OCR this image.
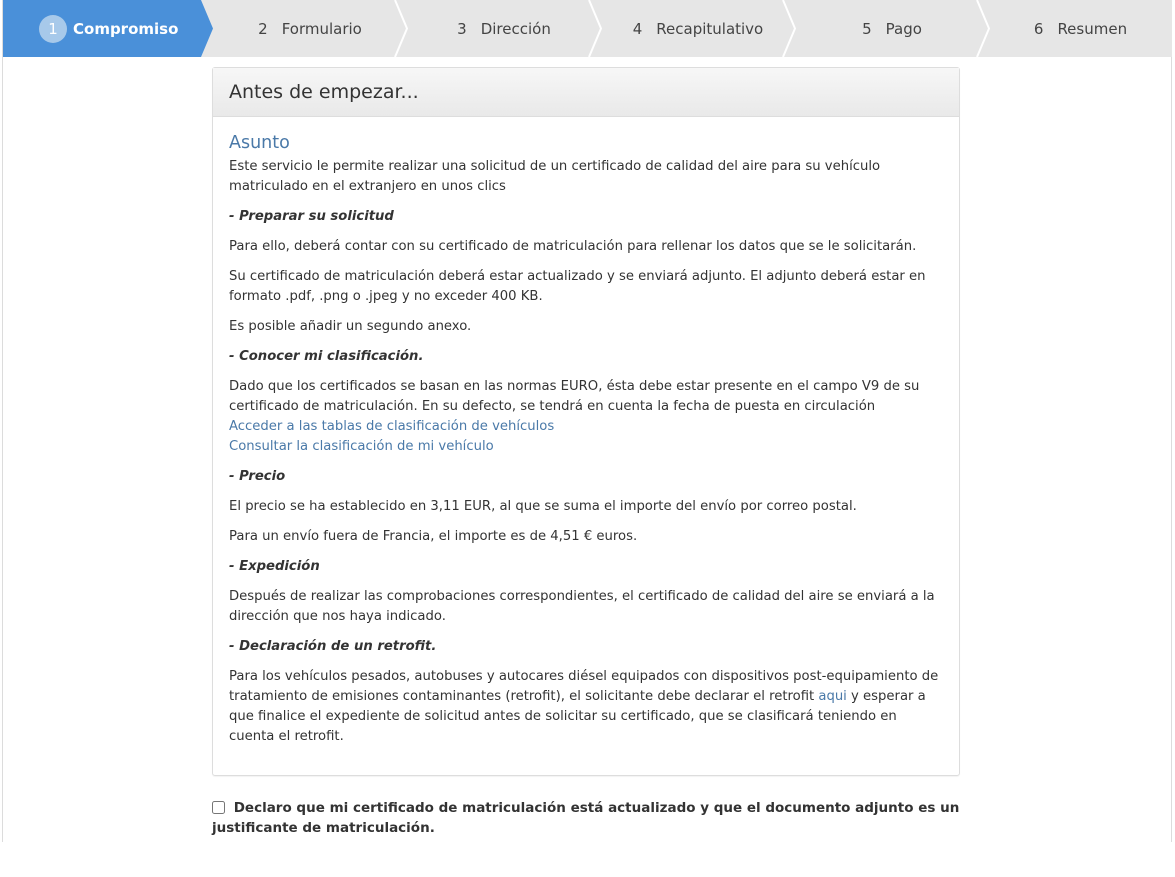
1	Compromiso	2 Formulario	3 Dirección	4 Recapitulativo	5 Pago	6 Resumen
Antes de empezar...
Asunto

Este servicio le permite realizar una solicitud de un certificado de calidad del aire para su vehículo matriculado en el extranjero en unos clics

- Preparar su solicitud

Para ello, deberá contar con su certificado de matriculación para rellenar los datos que se le solicitarán.

Su certificado de matriculación deberá estar actualizado y se enviará adjunto. El adjunto deberá estar en formato .pdf, .png o .jpeg y no exceder 400 KB.

Es posible añadir un segundo anexo.

- Conocer mi clasificación.

Dado que los certificados se basan en las normas EURO, ésta debe estar presente en el campo V9 de su certificado de matriculación. En su defecto, se tendrá en cuenta la fecha de puesta en circulación

Acceder a las tablas de clasificación de vehículos
Consultar la clasificación de mi vehículo

- Precio

El precio se ha establecido en 3,11 EUR, al que se suma el importe del envío por correo postal.

Para un envío fuera de Francia, el importe es de 4,51 € euros.

- Expedición

Después de realizar las comprobaciones correspondientes, el certificado de calidad del aire se enviará a la dirección que nos haya indicado.

- Declaración de un retrofit.

Para los vehículos pesados, autobuses y autocares diésel equipados con dispositivos post-equipamiento de tratamiento de emisiones contaminantes (retrofit), el solicitante debe declarar el retrofit aqui y esperar a que finalice el expediente de solicitud antes de solicitar su certificado, que se clasificará teniendo en cuenta el retrofit.

Declaro que mi certificado de matriculación está actualizado y que el documento adjunto es un justificante de matriculación.
